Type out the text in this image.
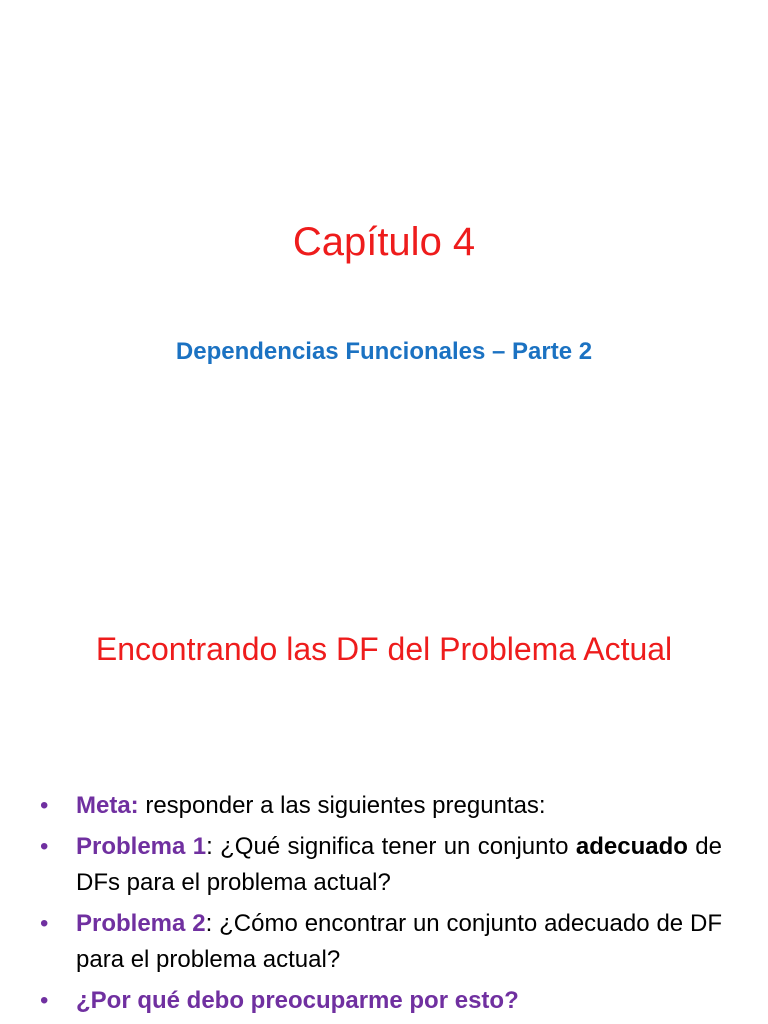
Capítulo 4
Dependencias Funcionales – Parte 2
Encontrando las DF del Problema Actual
•	Meta: responder a las siguientes preguntas:
•	Problema 1: ¿Qué significa tener un conjunto adecuado de DFs para el problema actual?
•	Problema 2: ¿Cómo encontrar un conjunto adecuado de DF para el problema actual?
•	¿Por qué debo preocuparme por esto?
